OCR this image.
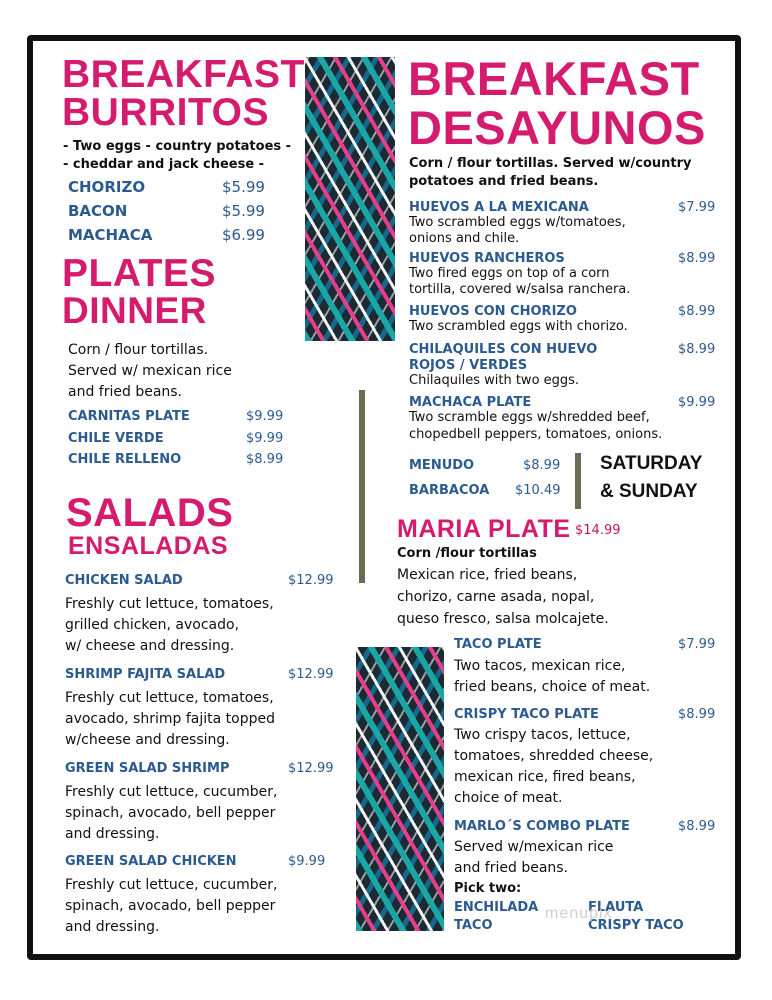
BREAKFAST
BURRITOS
- Two eggs - country potatoes -
- cheddar and jack cheese -
CHORIZO	$5.99
BACON	$5.99
MACHACA	$6.99
PLATES
DINNER
Corn / flour tortillas.
Served w/ mexican rice
and fried beans.
CARNITAS PLATE	$9.99
CHILE VERDE	$9.99
CHILE RELLENO	$8.99
SALADS
ENSALADAS
CHICKEN SALAD	$12.99
Freshly cut lettuce, tomatoes,
grilled chicken, avocado,
w/ cheese and dressing.
SHRIMP FAJITA SALAD	$12.99
Freshly cut lettuce, tomatoes,
avocado, shrimp fajita topped
w/cheese and dressing.
GREEN SALAD SHRIMP	$12.99
Freshly cut lettuce, cucumber,
spinach, avocado, bell pepper
and dressing.
GREEN SALAD CHICKEN	$9.99
Freshly cut lettuce, cucumber,
spinach, avocado, bell pepper
and dressing.
BREAKFAST
DESAYUNOS
Corn / flour tortillas. Served w/country
potatoes and fried beans.
HUEVOS A LA MEXICANA	$7.99
Two scrambled eggs w/tomatoes,
onions and chile.
HUEVOS RANCHEROS	$8.99
Two fired eggs on top of a corn
tortilla, covered w/salsa ranchera.
HUEVOS CON CHORIZO	$8.99
Two scrambled eggs with chorizo.
CHILAQUILES CON HUEVO
ROJOS / VERDES
$8.99
Chilaquiles with two eggs.
MACHACA PLATE	$9.99
Two scramble eggs w/shredded beef,
chopedbell peppers, tomatoes, onions.
MENUDO	$8.99
BARBACOA $10.49
SATURDAY
& SUNDAY
MARIA PLATE $14.99
Corn /flour tortillas
Mexican rice, fried beans,
chorizo, carne asada, nopal,
queso fresco, salsa molcajete.
TACO PLATE	$7.99
Two tacos, mexican rice,
fried beans, choice of meat.
CRISPY TACO PLATE	$8.99
Two crispy tacos, lettuce,
tomatoes, shredded cheese,
mexican rice, fired beans,
choice of meat.
MARLO´S COMBO PLATE	$8.99
Served w/mexican rice
and fried beans.
Pick two:
ENCHILADA	FLAUTA
TACO	CRISPY TACO
menupix
